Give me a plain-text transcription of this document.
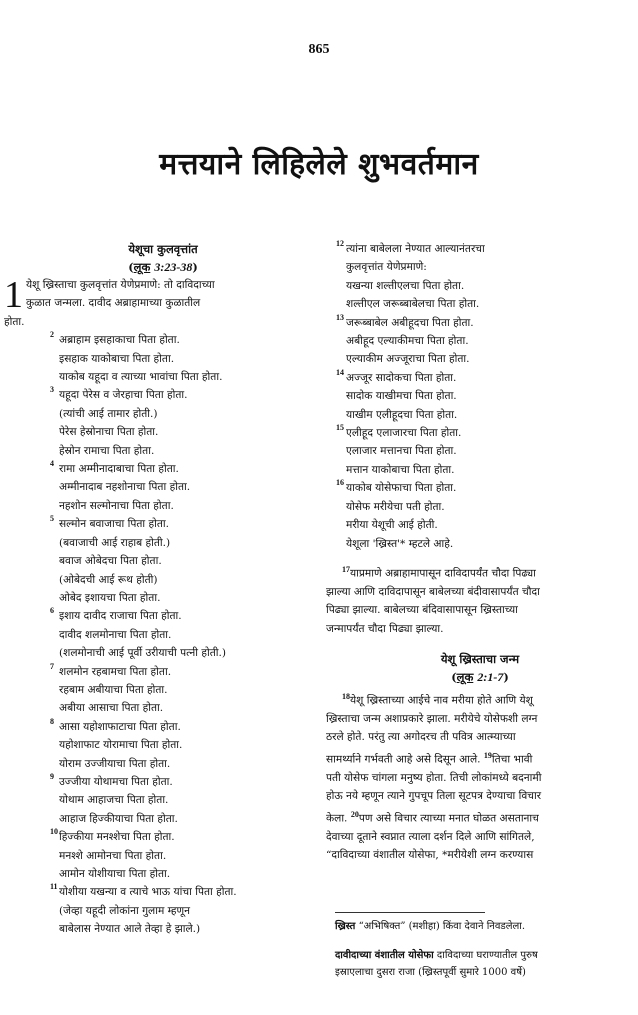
865
मत्तयाने लिहिलेले शुभवर्तमान
येशूचा कुलवृत्तांत
(लूक 3:23-38)
1 येशू ख्रिस्ताचा कुलवृत्तांत येणेप्रमाणे: तो दाविदाच्या
कुळात जन्मला. दावीद अब्राहामाच्या कुळातील
होता.
2 अब्राहाम इसहाकाचा पिता होता.
इसहाक याकोबाचा पिता होता.
याकोब यहूदा व त्याच्या भावांचा पिता होता.
3 यहूदा पेरेस व जेरहाचा पिता होता.
(त्यांची आई तामार होती.)
पेरेस हेस्रोनाचा पिता होता.
हेस्रोन रामाचा पिता होता.
4 रामा अम्मीनादाबाचा पिता होता.
अम्मीनादाब नहशोनाचा पिता होता.
नहशोन सल्मोनाचा पिता होता.
5 सल्मोन बवाजाचा पिता होता.
(बवाजाची आई राहाब होती.)
बवाज ओबेदचा पिता होता.
(ओबेदची आई रूथ होती)
ओबेद इशायचा पिता होता.
6 इशाय दावीद राजाचा पिता होता.
दावीद शलमोनाचा पिता होता.
(शलमोनाची आई पूर्वी उरीयाची पत्नी होती.)
7 शलमोन रहबामचा पिता होता.
रहबाम अबीयाचा पिता होता.
अबीया आसाचा पिता होता.
8 आसा यहोशाफाटाचा पिता होता.
यहोशाफाट योरामाचा पिता होता.
योराम उज्जीयाचा पिता होता.
9 उज्जीया योथामचा पिता होता.
योथाम आहाजचा पिता होता.
आहाज हिज्कीयाचा पिता होता.
10 हिज्कीया मनश्शेचा पिता होता.
मनश्शे आमोनचा पिता होता.
आमोन योशीयाचा पिता होता.
11 योशीया यखन्या व त्याचे भाऊ यांचा पिता होता.
(जेव्हा यहूदी लोकांना गुलाम म्हणून
बाबेलास नेण्यात आले तेव्हा हे झाले.)
12 त्यांना बाबेलला नेण्यात आल्यानंतरचा
कुलवृत्तांत येणेप्रमाणे:
यखन्या शल्तीएलचा पिता होता.
शल्तीएल जरूब्बाबेलचा पिता होता.
13 जरूब्बाबेल अबीहूदचा पिता होता.
अबीहूद एल्याकीमचा पिता होता.
एल्याकीम अज्जूराचा पिता होता.
14 अज्जूर सादोकचा पिता होता.
सादोक याखीमचा पिता होता.
याखीम एलीहूदचा पिता होता.
15 एलीहूद एलाजारचा पिता होता.
एलाजार मत्तानचा पिता होता.
मत्तान याकोबाचा पिता होता.
16 याकोब योसेफाचा पिता होता.
योसेफ मरीयेचा पती होता.
मरीया येशूची आई होती.
येशूला 'ख्रिस्त'* म्हटले आहे.
$^{17}$याप्रमाणे अब्राहामापासून दाविदापर्यंत चौदा पिढ्या
झाल्या आणि दाविदापासून बाबेलच्या बंदीवासापर्यंत चौदा
पिढ्या झाल्या. बाबेलच्या बंदिवासापासून ख्रिस्ताच्या
जन्मापर्यंत चौदा पिढ्या झाल्या.
येशू ख्रिस्ताचा जन्म
(लूक 2:1-7)
$^{18}$येशू ख्रिस्ताच्या आईचे नाव मरीया होते आणि येशू
ख्रिस्ताचा जन्म अशाप्रकारे झाला. मरीयेचे योसेफशी लग्न
ठरले होते. परंतु त्या अगोदरच ती पवित्र आत्म्याच्या
सामर्थ्याने गर्भवती आहे असे दिसून आले. $^{19}$तिचा भावी
पती योसेफ चांगला मनुष्य होता. तिची लोकांमध्ये बदनामी
होऊ नये म्हणून त्याने गुपचूप तिला सूटपत्र देण्याचा विचार
केला. $^{20}$पण असे विचार त्याच्या मनात घोळत असतानाच
देवाच्या दूताने स्वप्नात त्याला दर्शन दिले आणि सांगितले,
“दाविदाच्या वंशातील योसेफा, *मरीयेशी लग्न करण्यास
ख्रिस्त “अभिषिक्त” (मशीहा) किंवा देवाने निवडलेला.
दावीदाच्या वंशातील योसेफा दाविदाच्या घराण्यातील पुरुष
इस्राएलाचा दुसरा राजा (ख्रिस्तपूर्वी सुमारे 1000 वर्षे)
